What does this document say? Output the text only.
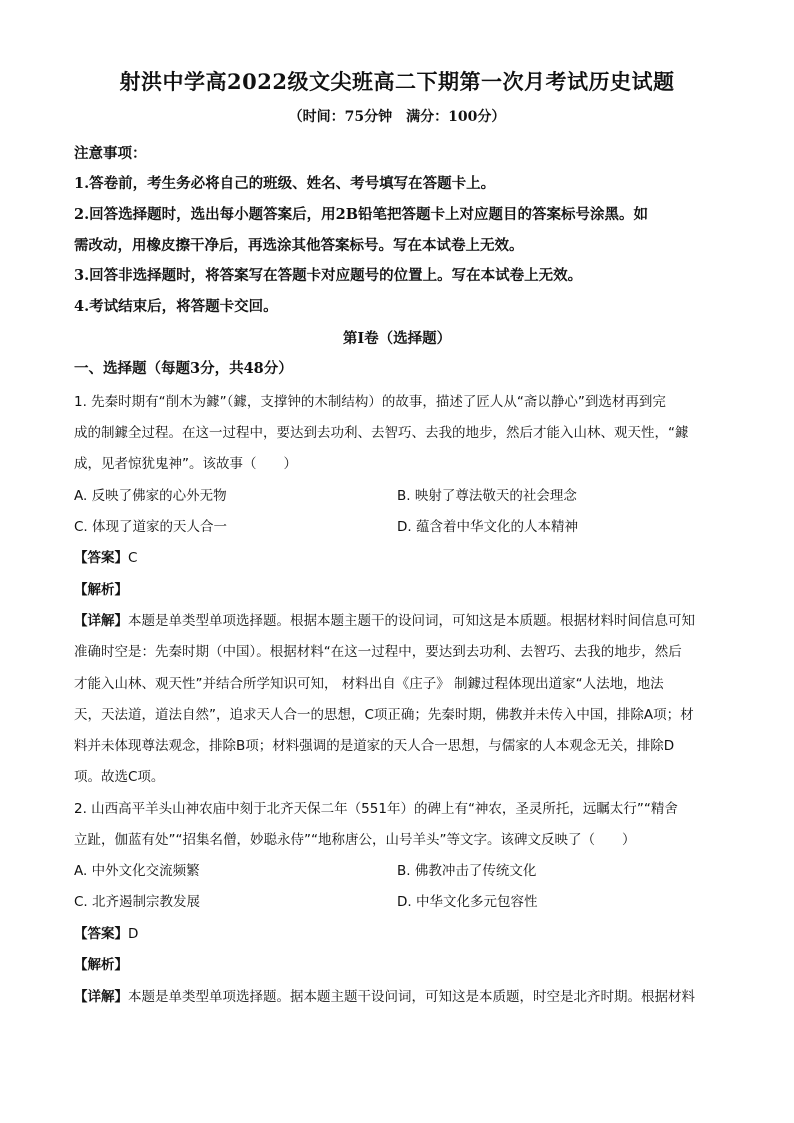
射洪中学高2022级文尖班高二下期第一次月考试历史试题
（时间：75分钟　满分：100分）
注意事项：
1.答卷前，考生务必将自己的班级、姓名、考号填写在答题卡上。
2.回答选择题时，选出每小题答案后，用2B铅笔把答题卡上对应题目的答案标号涂黑。如
需改动，用橡皮擦干净后，再选涂其他答案标号。写在本试卷上无效。
3.回答非选择题时，将答案写在答题卡对应题号的位置上。写在本试卷上无效。
4.考试结束后，将答题卡交回。
第Ⅰ卷（选择题）
一、选择题（每题3分，共48分）
1. 先秦时期有“削木为鐻”（鐻，支撑钟的木制结构）的故事，描述了匠人从“斋以静心”到选材再到完
成的制鐻全过程。在这一过程中，要达到去功利、去智巧、去我的地步，然后才能入山林、观天性，“鐻
成，见者惊犹鬼神”。该故事（　　）
A. 反映了佛家的心外无物	B. 映射了尊法敬天的社会理念
C. 体现了道家的天人合一	D. 蕴含着中华文化的人本精神
【答案】C
【解析】
【详解】本题是单类型单项选择题。根据本题主题干的设问词，可知这是本质题。根据材料时间信息可知
准确时空是：先秦时期（中国）。根据材料“在这一过程中，要达到去功利、去智巧、去我的地步，然后
才能入山林、观天性”并结合所学知识可知， 材料出自《庄子》 制鐻过程体现出道家“人法地，地法
天，天法道，道法自然”，追求天人合一的思想，C项正确；先秦时期，佛教并未传入中国，排除A项；材
料并未体现尊法观念，排除B项；材料强调的是道家的天人合一思想，与儒家的人本观念无关，排除D
项。故选C项。
2. 山西高平羊头山神农庙中刻于北齐天保二年（551年）的碑上有“神农，圣灵所托，远瞩太行”“精舍
立趾，伽蓝有处”“招集名僧，妙聪永侍”“地称唐公，山号羊头”等文字。该碑文反映了（　　）
A. 中外文化交流频繁	B. 佛教冲击了传统文化
C. 北齐遏制宗教发展	D. 中华文化多元包容性
【答案】D
【解析】
【详解】本题是单类型单项选择题。据本题主题干设问词，可知这是本质题，时空是北齐时期。根据材料
